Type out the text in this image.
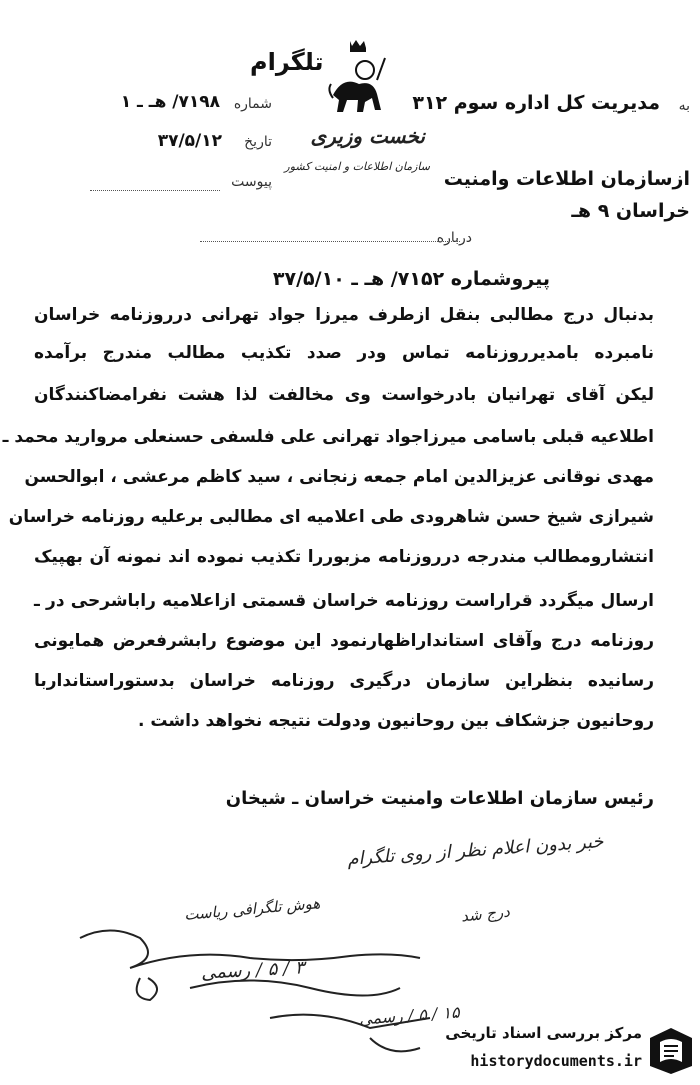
تلگرام
به
مدیریت کل اداره سوم ۳۱۲
شماره
۷۱۹۸/ هـ ـ ۱
تاریخ
۳۷/۵/۱۲
پیوست
نخست وزیری
سازمان اطلاعات و امنیت کشور
ازسازمان اطلاعات وامنیت
خراسان ۹ هـ
درباره
پیروشماره ۷۱۵۲/ هـ ـ ۳۷/۵/۱۰
بدنبال درج مطالبی بنقل ازطرف میرزا جواد تهرانی درروزنامه خراسان
نامبرده بامدیرروزنامه تماس ودر صدد تکذیب مطالب مندرج برآمده
لیکن آقای تهرانیان بادرخواست وی مخالفت لذا هشت نفرامضاکنندگان
اطلاعیه قبلی باسامی میرزاجواد تهرانی علی فلسفی حسنعلی مروارید محمد ـ
مهدی نوقانی عزیزالدین امام جمعه زنجانی ، سید کاظم مرعشی ، ابوالحسن
شیرازی شیخ حسن شاهرودی طی اعلامیه ای مطالبی برعلیه روزنامه خراسان
انتشارومطالب مندرجه درروزنامه مزبوررا تکذیب نموده اند نمونه آن بهپیک
ارسال میگردد قراراست روزنامه خراسان قسمتی ازاعلامیه راباشرحی در ـ
روزنامه درج وآقای استانداراظهارنمود این موضوع رابشرفعرض همایونی
رسانیده بنظراین سازمان درگیری روزنامه خراسان بدستوراستانداربا
روحانیون جزشکاف بین روحانیون ودولت نتیجه نخواهد داشت .
رئیس سازمان اطلاعات وامنیت خراسان ـ شیخان
خبر بدون اعلام نظر از روی تلگرام
هوش تلگرافی ریاست	درج شد
۱۵ / ۵ / رسمی
۳ / ۵ / رسمی
مرکز بررسی اسناد تاریخی
historydocuments.ir
